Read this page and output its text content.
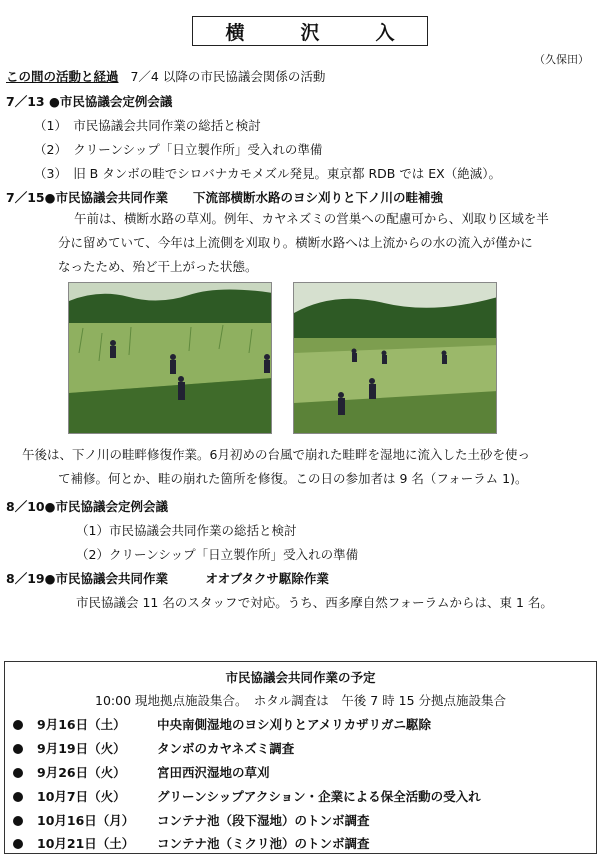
横	沢	入
（久保田）
この間の活動と経過 7／4 以降の市民協議会関係の活動
7／13 ●市民協議会定例会議
（1）　市民協議会共同作業の総括と検討
（2）　クリーンシップ「日立製作所」受入れの準備
（3）　旧 B タンボの畦でシロバナカモメズル発見。東京都 RDB では EX（絶滅）。
7／15●市民協議会共同作業　　下流部横断水路のヨシ刈りと下ノ川の畦補強
午前は、横断水路の草刈。例年、カヤネズミの営巣への配慮可から、刈取り区域を半
分に留めていて、今年は上流側を刈取り。横断水路へは上流からの水の流入が僅かに
なったため、殆ど干上がった状態。
午後は、下ノ川の畦畔修復作業。6月初めの台風で崩れた畦畔を湿地に流入した土砂を使っ
て補修。何とか、畦の崩れた箇所を修復。この日の参加者は 9 名（フォーラム 1)。
8／10●市民協議会定例会議
（1）市民協議会共同作業の総括と検討
（2）クリーンシップ「日立製作所」受入れの準備
8／19●市民協議会共同作業　　　オオブタクサ駆除作業
市民協議会 11 名のスタッフで対応。うち、西多摩自然フォーラムからは、東 1 名。
市民協議会共同作業の予定
10:00 現地拠点施設集合。　ホタル調査は　午後 7 時 15 分拠点施設集合
9月16日（土）	中央南側湿地のヨシ刈りとアメリカザリガニ駆除
9月19日（火）	タンボのカヤネズミ調査
9月26日（火）	宮田西沢湿地の草刈
10月7日（火）	グリーンシップアクション・企業による保全活動の受入れ
10月16日（月） コンテナ池（段下湿地）のトンボ調査
10月21日（土） コンテナ池（ミクリ池）のトンボ調査
